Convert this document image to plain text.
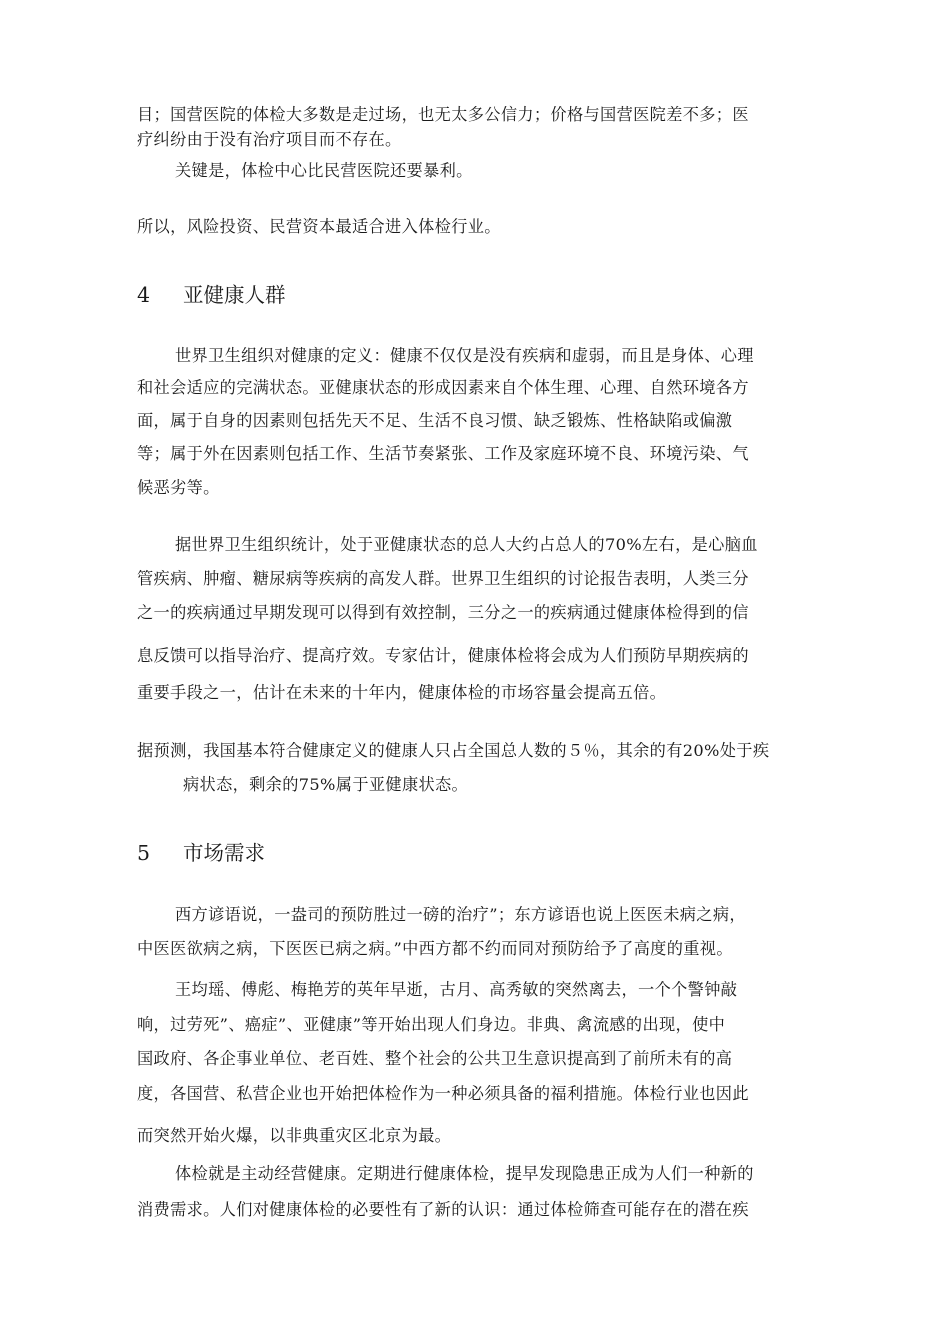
目；国营医院的体检大多数是走过场，也无太多公信力；价格与国营医院差不多；医
疗纠纷由于没有治疗项目而不存在。
关键是，体检中心比民营医院还要暴利。
所以，风险投资、民营资本最适合进入体检行业。
4 亚健康人群
世界卫生组织对健康的定义：健康不仅仅是没有疾病和虚弱，而且是身体、心理
和社会适应的完满状态。亚健康状态的形成因素来自个体生理、心理、自然环境各方
面，属于自身的因素则包括先天不足、生活不良习惯、缺乏锻炼、性格缺陷或偏激
等；属于外在因素则包括工作、生活节奏紧张、工作及家庭环境不良、环境污染、气
候恶劣等。
据世界卫生组织统计，处于亚健康状态的总人大约占总人的70%左右，是心脑血
管疾病、肿瘤、糖尿病等疾病的高发人群。世界卫生组织的讨论报告表明，人类三分
之一的疾病通过早期发现可以得到有效控制，三分之一的疾病通过健康体检得到的信
息反馈可以指导治疗、提高疗效。专家估计，健康体检将会成为人们预防早期疾病的
重要手段之一，估计在未来的十年内，健康体检的市场容量会提高五倍。
据预测，我国基本符合健康定义的健康人只占全国总人数的５％，其余的有20%处于疾
病状态，剩余的75%属于亚健康状态。
5 市场需求
西方谚语说，一盎司的预防胜过一磅的治疗”；东方谚语也说上医医未病之病，
中医医欲病之病，下医医已病之病。”中西方都不约而同对预防给予了高度的重视。
王均瑶、傅彪、梅艳芳的英年早逝，古月、高秀敏的突然离去，一个个警钟敲
响，过劳死”、癌症”、亚健康”等开始出现人们身边。非典、禽流感的出现，使中
国政府、各企事业单位、老百姓、整个社会的公共卫生意识提高到了前所未有的高
度，各国营、私营企业也开始把体检作为一种必须具备的福利措施。体检行业也因此
而突然开始火爆，以非典重灾区北京为最。
体检就是主动经营健康。定期进行健康体检，提早发现隐患正成为人们一种新的
消费需求。人们对健康体检的必要性有了新的认识：通过体检筛查可能存在的潜在疾
